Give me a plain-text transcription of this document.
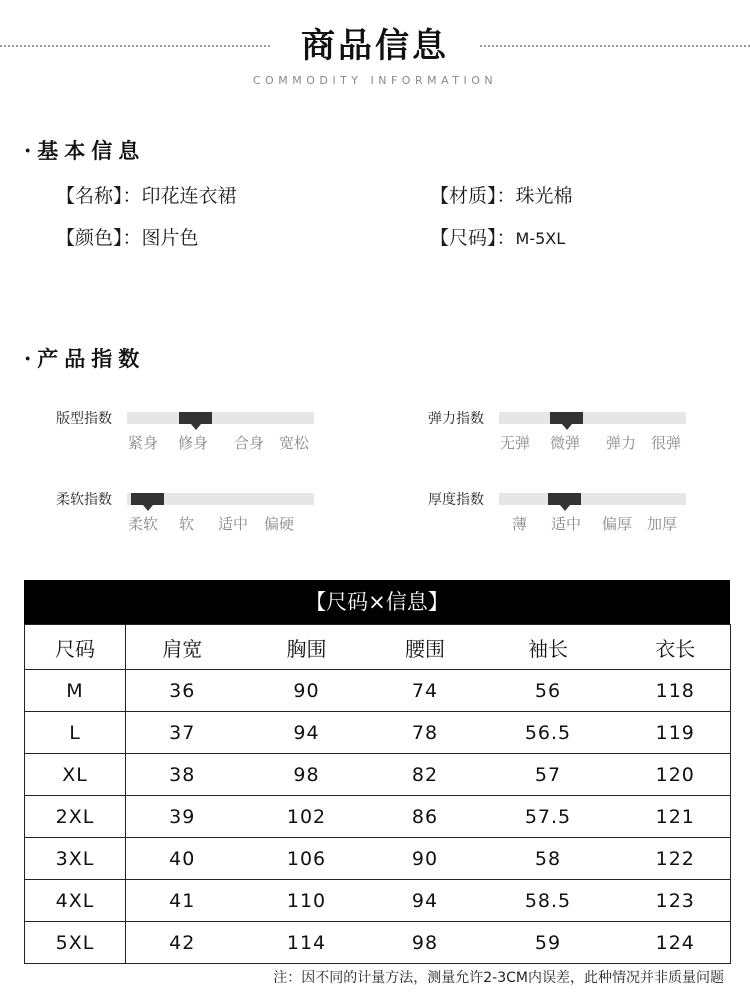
商品信息
COMMODITY INFORMATION
·基本信息
【名称】：印花连衣裙	【材质】：珠光棉
【颜色】：图片色	【尺码】：M-5XL
·产品指数
版型指数
紧身 修身 合身 宽松
弹力指数
无弹 微弹 弹力 很弹
柔软指数
柔软 软 适中 偏硬
厚度指数
薄 适中 偏厚 加厚
【尺码×信息】
尺码	肩宽	胸围	腰围	袖长	衣长
M	36	90	74	56	118
L	37	94	78	56.5	119
XL	38	98	82	57	120
2XL	39	102	86	57.5	121
3XL	40	106	90	58	122
4XL	41	110	94	58.5	123
5XL	42	114	98	59	124
注：因不同的计量方法，测量允许2-3CM内误差，此种情况并非质量问题
